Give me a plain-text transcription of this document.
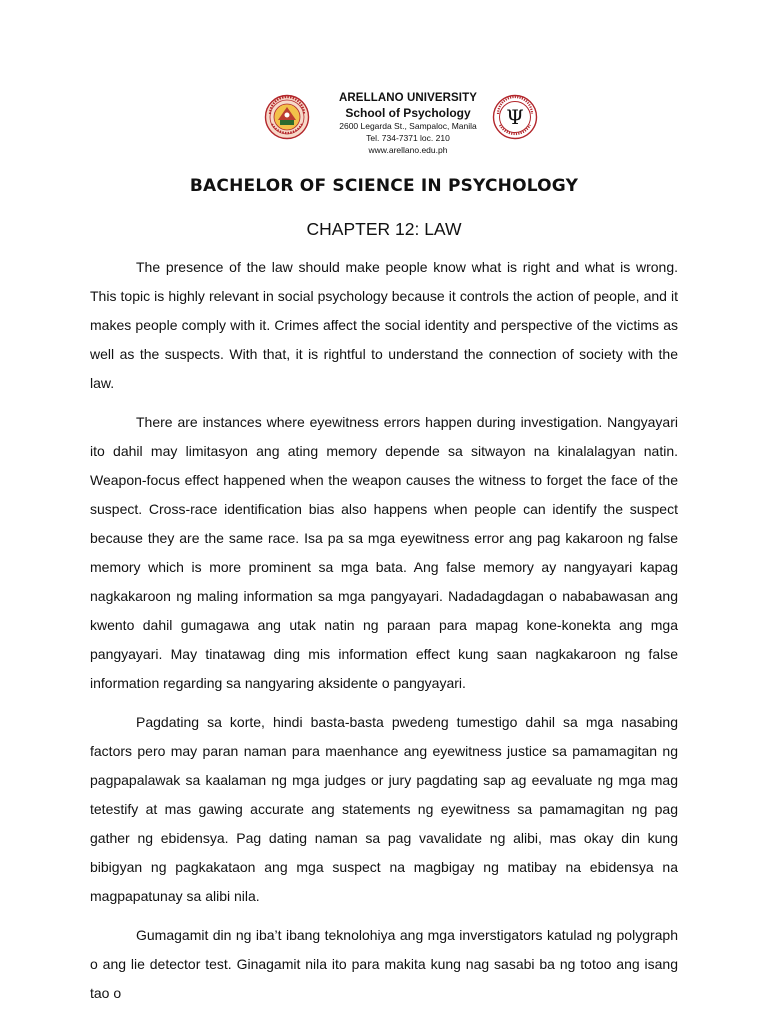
ARELLANO UNIVERSITY
School of Psychology
2600 Legarda St., Sampaloc, Manila
Tel. 734-7371 loc. 210
www.arellano.edu.ph
Ψ
BACHELOR OF SCIENCE IN PSYCHOLOGY
CHAPTER 12: LAW

The presence of the law should make people know what is right and what is wrong. This topic is highly relevant in social psychology because it controls the action of people, and it makes people comply with it. Crimes affect the social identity and perspective of the victims as well as the suspects. With that, it is rightful to understand the connection of society with the law.

There are instances where eyewitness errors happen during investigation. Nangyayari ito dahil may limitasyon ang ating memory depende sa sitwayon na kinalalagyan natin. Weapon-focus effect happened when the weapon causes the witness to forget the face of the suspect. Cross-race identification bias also happens when people can identify the suspect because they are the same race. Isa pa sa mga eyewitness error ang pag kakaroon ng false memory which is more prominent sa mga bata. Ang false memory ay nangyayari kapag nagkakaroon ng maling information sa mga pangyayari. Nadadagdagan o nababawasan ang kwento dahil gumagawa ang utak natin ng paraan para mapag kone-konekta ang mga pangyayari. May tinatawag ding mis information effect kung saan nagkakaroon ng false information regarding sa nangyaring aksidente o pangyayari.

Pagdating sa korte, hindi basta-basta pwedeng tumestigo dahil sa mga nasabing factors pero may paran naman para maenhance ang eyewitness justice sa pamamagitan ng pagpapalawak sa kaalaman ng mga judges or jury pagdating sap ag eevaluate ng mga mag tetestify at mas gawing accurate ang statements ng eyewitness sa pamamagitan ng pag gather ng ebidensya. Pag dating naman sa pag vavalidate ng alibi, mas okay din kung bibigyan ng pagkakataon ang mga suspect na magbigay ng matibay na ebidensya na magpapatunay sa alibi nila.

Gumagamit din ng iba’t ibang teknolohiya ang mga inverstigators katulad ng polygraph o ang lie detector test. Ginagamit nila ito para makita kung nag sasabi ba ng totoo ang isang tao o
